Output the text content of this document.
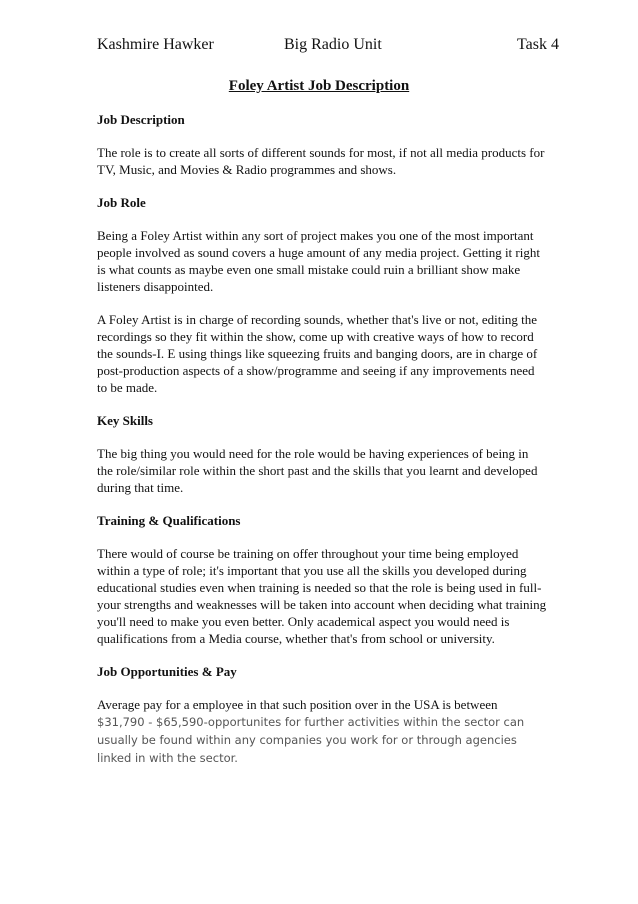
Kashmire Hawker	Big Radio Unit	Task 4
Foley Artist Job Description
Job Description

The role is to create all sorts of different sounds for most, if not all media products for TV, Music, and Movies & Radio programmes and shows.

Job Role

Being a Foley Artist within any sort of project makes you one of the most important people involved as sound covers a huge amount of any media project. Getting it right is what counts as maybe even one small mistake could ruin a brilliant show make listeners disappointed.

A Foley Artist is in charge of recording sounds, whether that's live or not, editing the recordings so they fit within the show, come up with creative ways of how to record the sounds-I. E using things like squeezing fruits and banging doors, are in charge of post-production aspects of a show/programme and seeing if any improvements need to be made.

Key Skills

The big thing you would need for the role would be having experiences of being in the role/similar role within the short past and the skills that you learnt and developed during that time.

Training & Qualifications

There would of course be training on offer throughout your time being employed within a type of role; it's important that you use all the skills you developed during educational studies even when training is needed so that the role is being used in full-your strengths and weaknesses will be taken into account when deciding what training you'll need to make you even better. Only academical aspect you would need is qualifications from a Media course, whether that's from school or university.

Job Opportunities & Pay

Average pay for a employee in that such position over in the USA is between $31,790 - $65,590-opportunites for further activities within the sector can usually be found within any companies you work for or through agencies linked in with the sector.
